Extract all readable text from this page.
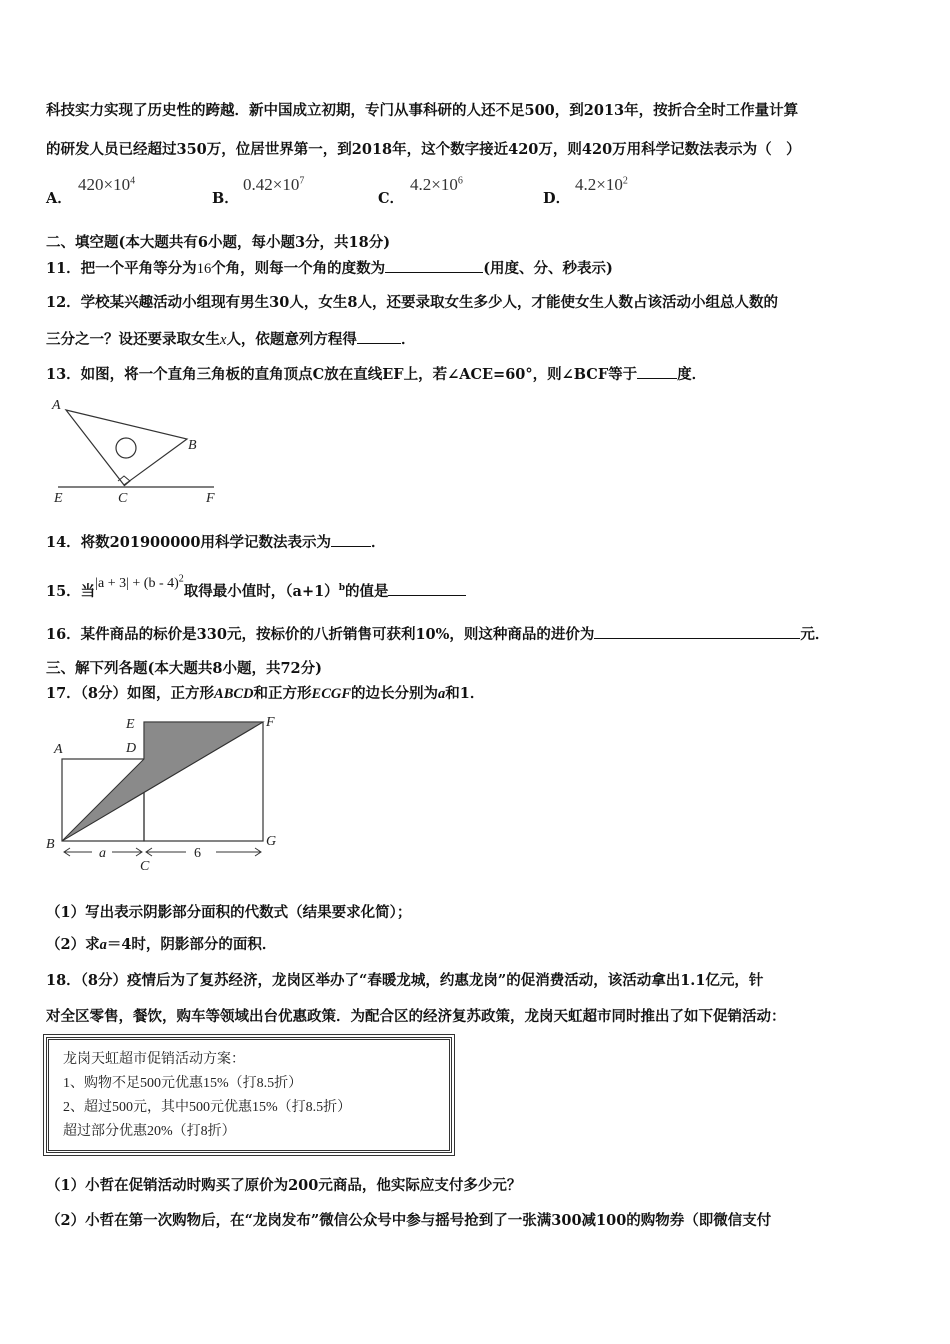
科技实力实现了历史性的跨越．新中国成立初期，专门从事科研的人还不足500，到2013年，按折合全时工作量计算
的研发人员已经超过350万，位居世界第一，到2018年，这个数字接近420万，则420万用科学记数法表示为（　）
A．
$420\times 10^4$
B．
$0.42\times 10^7$
C．
$4.2\times 10^6$
D．
$4.2\times 10^2$
二、填空题(本大题共有6小题，每小题3分，共18分)
11．把一个平角等分为16个角，则每一个角的度数为	(用度、分、秒表示)
12．学校某兴趣活动小组现有男生30人，女生8人，还要录取女生多少人，才能使女生人数占该活动小组总人数的
三分之一？设还要录取女生x人，依题意列方程得	．
13．如图，将一个直角三角板的直角顶点C放在直线EF上，若∠ACE=60°，则∠BCF等于	度．
A
B
C
E	F
14．将数201900000用科学记数法表示为	．
15．当|a + 3| + (b - 4)$^2$取得最小值时，$(a+1)^b$的值是
16．某件商品的标价是330元，按标价的八折销售可获利10%，则这种商品的进价为	元．
三、解下列各题(本大题共8小题，共72分)
17．（8分）如图，正方形ABCD和正方形ECGF的边长分别为a和1．
A	D
E	F
B	G
C
a	6
（1）写出表示阴影部分面积的代数式（结果要求化简）；
（2）求a＝4时，阴影部分的面积．
18．（8分）疫情后为了复苏经济，龙岗区举办了“春暖龙城，约惠龙岗”的促消费活动，该活动拿出1.1亿元，针
对全区零售，餐饮，购车等领域出台优惠政策．为配合区的经济复苏政策，龙岗天虹超市同时推出了如下促销活动：
龙岗天虹超市促销活动方案：
1、购物不足500元优惠15%（打8.5折）
2、超过500元，其中500元优惠15%（打8.5折）
超过部分优惠20%（打8折）
（1）小哲在促销活动时购买了原价为200元商品，他实际应支付多少元？
（2）小哲在第一次购物后，在“龙岗发布”微信公众号中参与摇号抢到了一张满300减100的购物券（即微信支付
